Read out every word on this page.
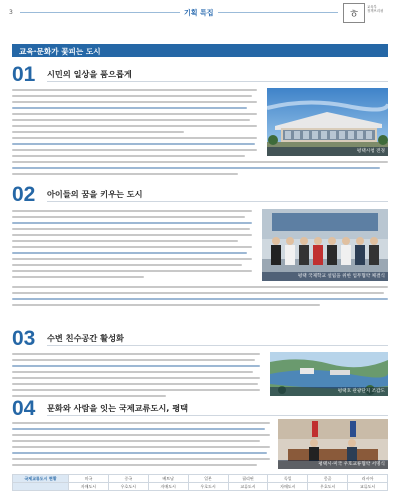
3	기획 특집	ㅎ 교육부
정책브리핑
교육·문화가 꽃피는 도시
01 시민의 일상을 품으롭게
평택시청 전경
02 아이들의 꿈을 키우는 도시
평택 국제학교 설립을 위한 업무협약 체결식
03 수변 친수공간 활성화
평택호 관광단지 조감도
04 문화와 사람을 잇는 국제교류도시, 평택
평택시-미국 우호교류협약 서명식
국제교류도시 현황	미국	중국	베트남	일본	필리핀	독일	몽골	러시아
	자매도시	우호도시	자매도시	우호도시	교류도시	자매도시	우호도시	교류도시
